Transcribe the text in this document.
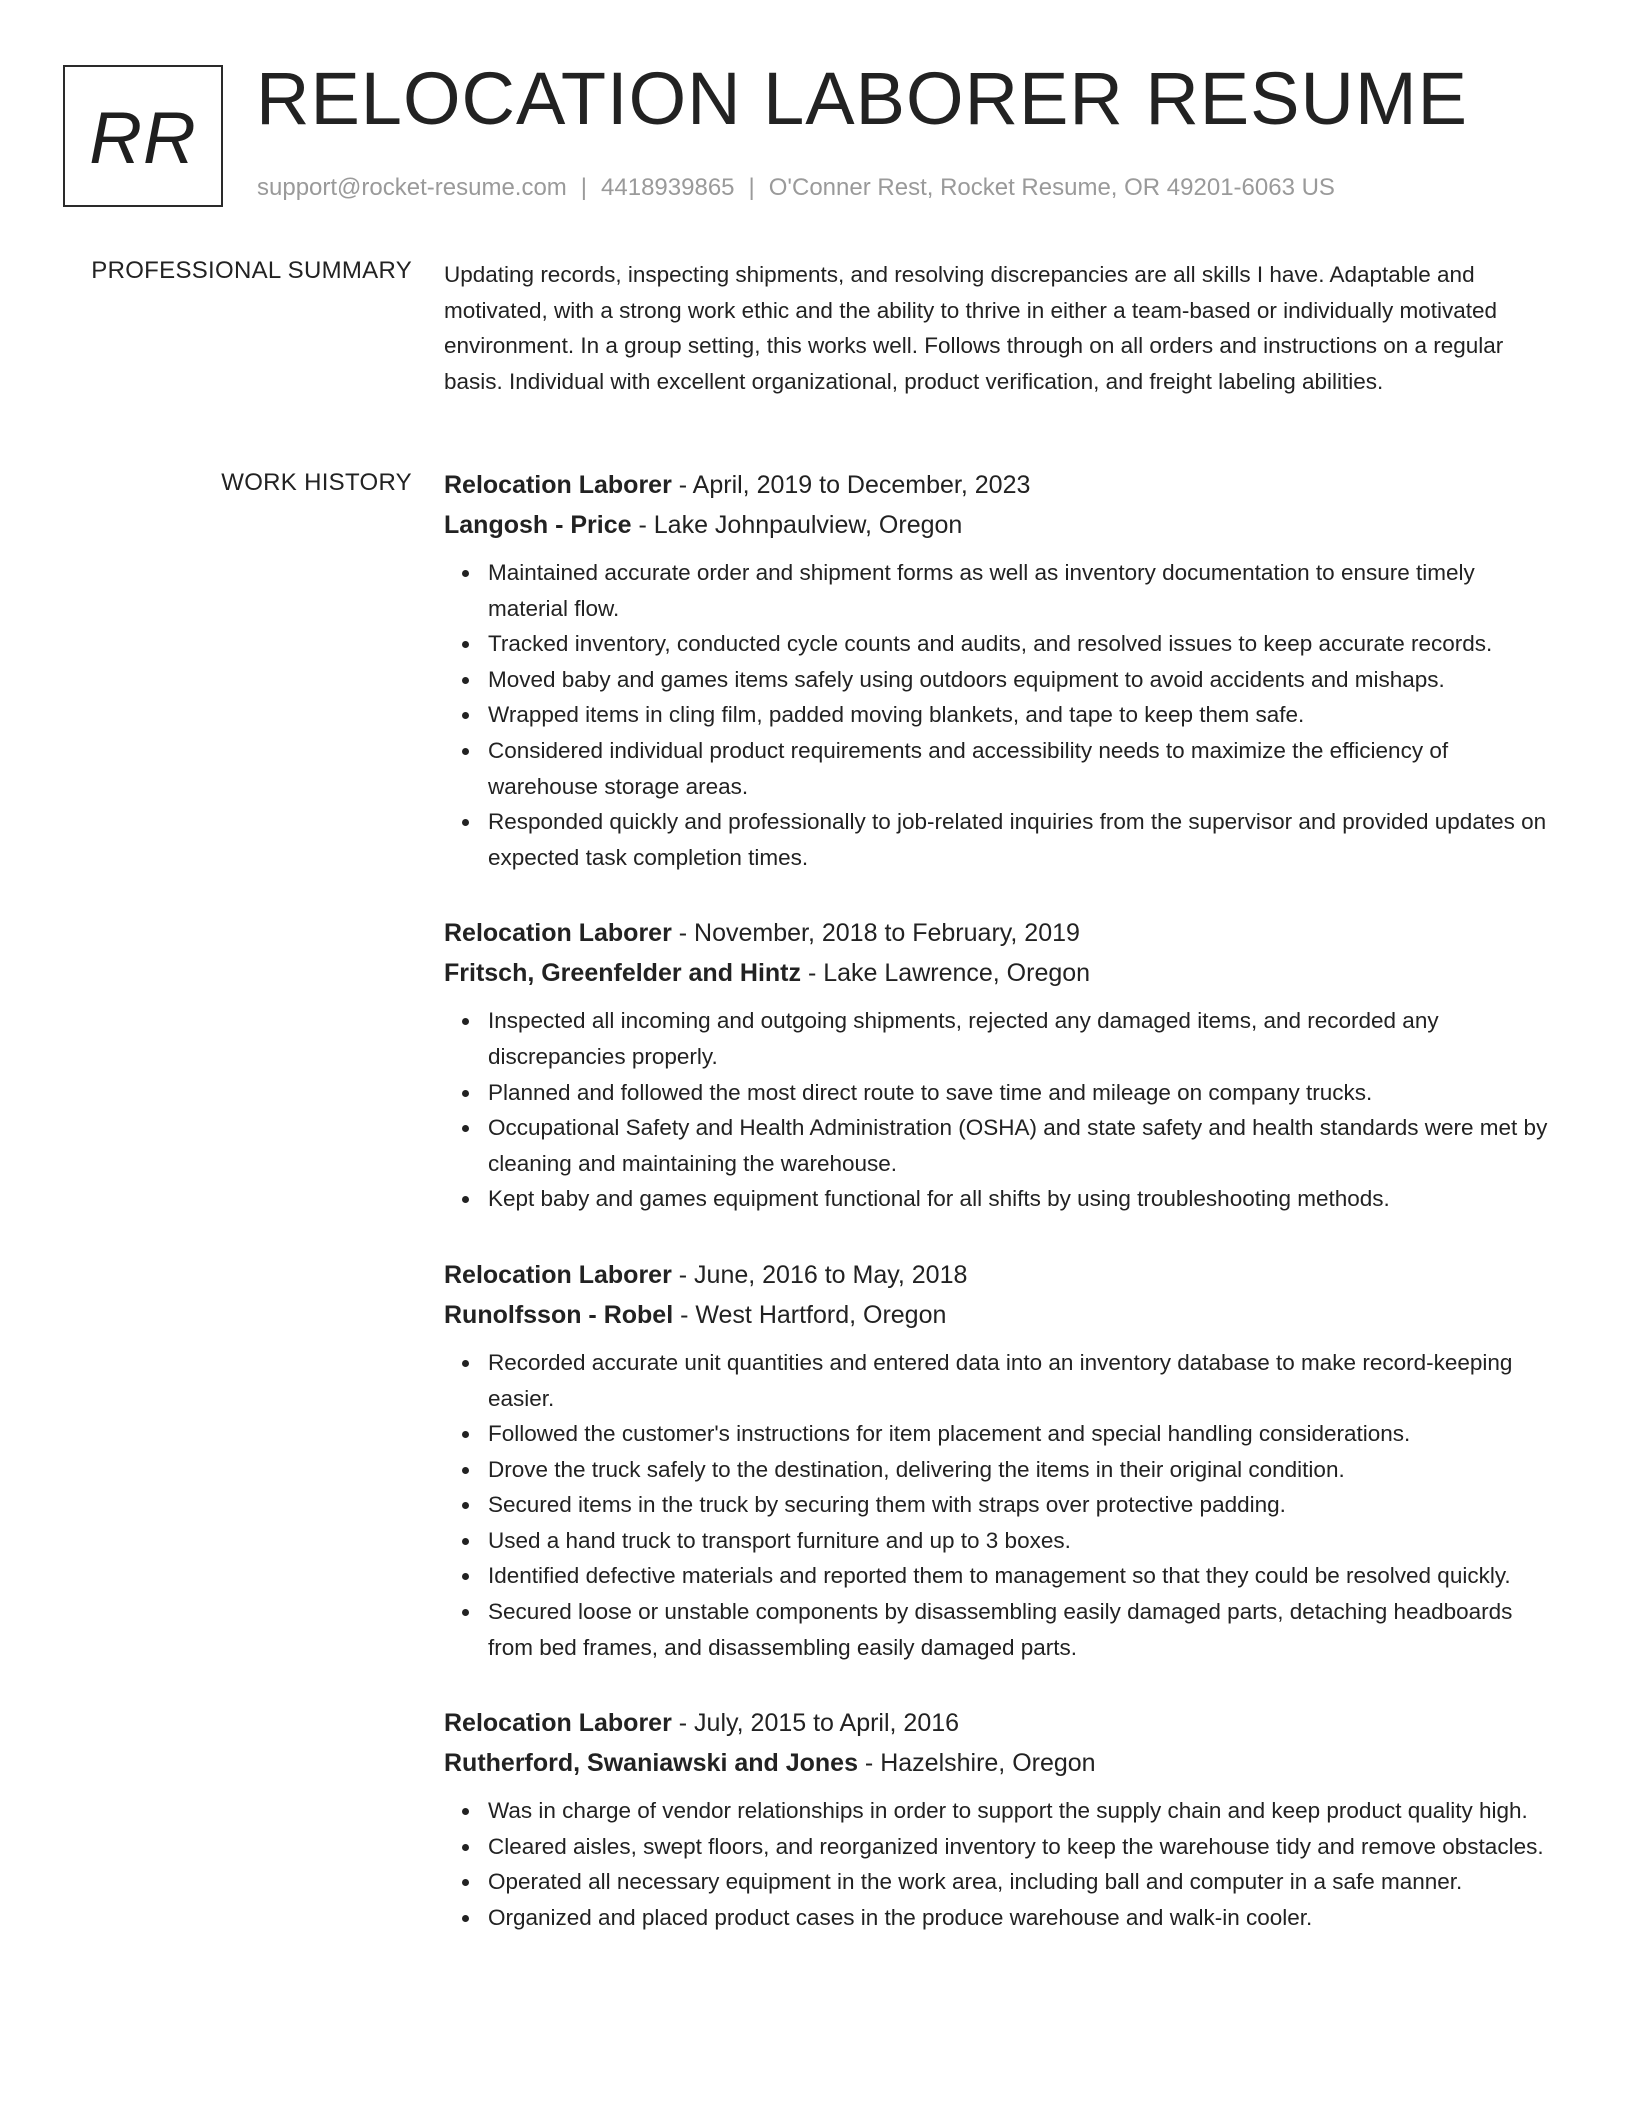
RR RELOCATION LABORER RESUME
support@rocket-resume.com | 4418939865 | O'Conner Rest, Rocket Resume, OR 49201-6063 US
PROFESSIONAL SUMMARY Updating records, inspecting shipments, and resolving discrepancies are all skills I have. Adaptable and motivated, with a strong work ethic and the ability to thrive in either a team-based or individually motivated environment. In a group setting, this works well. Follows through on all orders and instructions on a regular basis. Individual with excellent organizational, product verification, and freight labeling abilities.

WORK HISTORY Relocation Laborer - April, 2019 to December, 2023
Langosh - Price - Lake Johnpaulview, Oregon
Maintained accurate order and shipment forms as well as inventory documentation to ensure timely material flow.
Tracked inventory, conducted cycle counts and audits, and resolved issues to keep accurate records.
Moved baby and games items safely using outdoors equipment to avoid accidents and mishaps.
Wrapped items in cling film, padded moving blankets, and tape to keep them safe.
Considered individual product requirements and accessibility needs to maximize the efficiency of warehouse storage areas.
Responded quickly and professionally to job-related inquiries from the supervisor and provided updates on expected task completion times.
Relocation Laborer - November, 2018 to February, 2019
Fritsch, Greenfelder and Hintz - Lake Lawrence, Oregon
Inspected all incoming and outgoing shipments, rejected any damaged items, and recorded any discrepancies properly.
Planned and followed the most direct route to save time and mileage on company trucks.
Occupational Safety and Health Administration (OSHA) and state safety and health standards were met by cleaning and maintaining the warehouse.
Kept baby and games equipment functional for all shifts by using troubleshooting methods.
Relocation Laborer - June, 2016 to May, 2018
Runolfsson - Robel - West Hartford, Oregon
Recorded accurate unit quantities and entered data into an inventory database to make record-keeping easier.
Followed the customer's instructions for item placement and special handling considerations.
Drove the truck safely to the destination, delivering the items in their original condition.
Secured items in the truck by securing them with straps over protective padding.
Used a hand truck to transport furniture and up to 3 boxes.
Identified defective materials and reported them to management so that they could be resolved quickly.
Secured loose or unstable components by disassembling easily damaged parts, detaching headboards from bed frames, and disassembling easily damaged parts.
Relocation Laborer - July, 2015 to April, 2016
Rutherford, Swaniawski and Jones - Hazelshire, Oregon
Was in charge of vendor relationships in order to support the supply chain and keep product quality high.
Cleared aisles, swept floors, and reorganized inventory to keep the warehouse tidy and remove obstacles.
Operated all necessary equipment in the work area, including ball and computer in a safe manner.
Organized and placed product cases in the produce warehouse and walk-in cooler.
